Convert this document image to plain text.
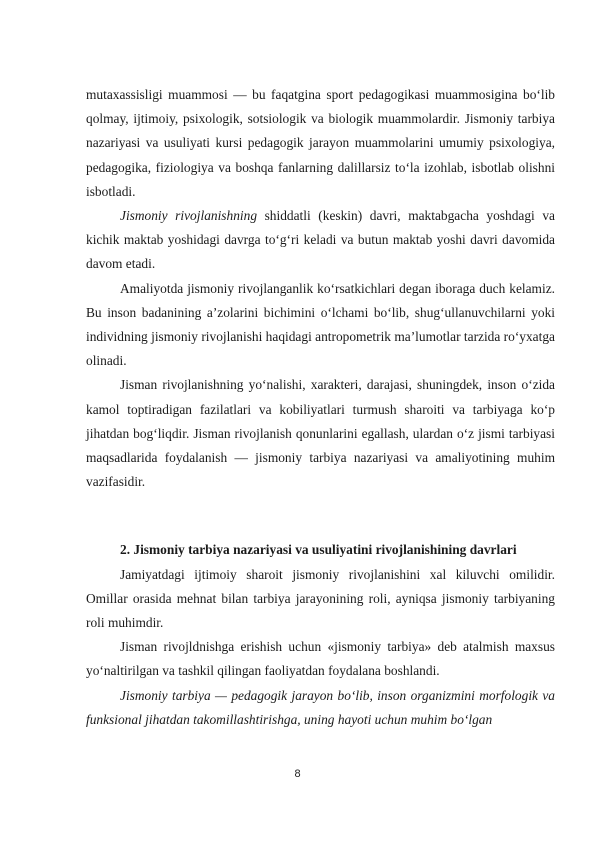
mutaxassisligi muammosi — bu faqatgina sport pedagogikasi muammosigina bo‘lib qolmay, ijtimoiy, psixologik, sotsiologik va biologik muammolardir. Jismoniy tarbiya nazariyasi va usuliyati kursi pedagogik jarayon muammolarini umumiy psixologiya, pedagogika, fiziologiya va boshqa fanlarning dalillarsiz to‘la izohlab, isbotlab olishni isbotladi.

Jismoniy rivojlanishning shiddatli (keskin) davri, maktabgacha yoshdagi va kichik maktab yoshidagi davrga to‘g‘ri keladi va butun maktab yoshi davri davomida davom etadi.

Amaliyotda jismoniy rivojlanganlik ko‘rsatkichlari degan iboraga duch kelamiz. Bu inson badanining a’zolarini bichimini o‘lchami bo‘lib, shug‘ullanuvchilarni yoki individning jismoniy rivojlanishi haqidagi antropometrik ma’lumotlar tarzida ro‘yxatga olinadi.

Jisman rivojlanishning yo‘nalishi, xarakteri, darajasi, shuningdek, inson o‘zida kamol toptiradigan fazilatlari va kobiliyatlari turmush sharoiti va tarbiyaga ko‘p jihatdan bog‘liqdir. Jisman rivojlanish qonunlarini egallash, ulardan o‘z jismi tarbiyasi maqsadlarida foydalanish — jismoniy tarbiya nazariyasi va amaliyotining muhim vazifasidir.

2. Jismoniy tarbiya nazariyasi va usuliyatini rivojlanishining davrlari

Jamiyatdagi ijtimoiy sharoit jismoniy rivojlanishini xal kiluvchi omilidir. Omillar orasida mehnat bilan tarbiya jarayonining roli, ayniqsa jismoniy tarbiyaning roli muhimdir.

Jisman rivojldnishga erishish uchun «jismoniy tarbiya» deb atalmish maxsus yo‘naltirilgan va tashkil qilingan faoliyatdan foydalana boshlandi.

Jismoniy tarbiya — pedagogik jarayon bo‘lib, inson organizmini morfologik va funksional jihatdan takomillashtirishga, uning hayoti uchun muhim bo‘lgan

8
